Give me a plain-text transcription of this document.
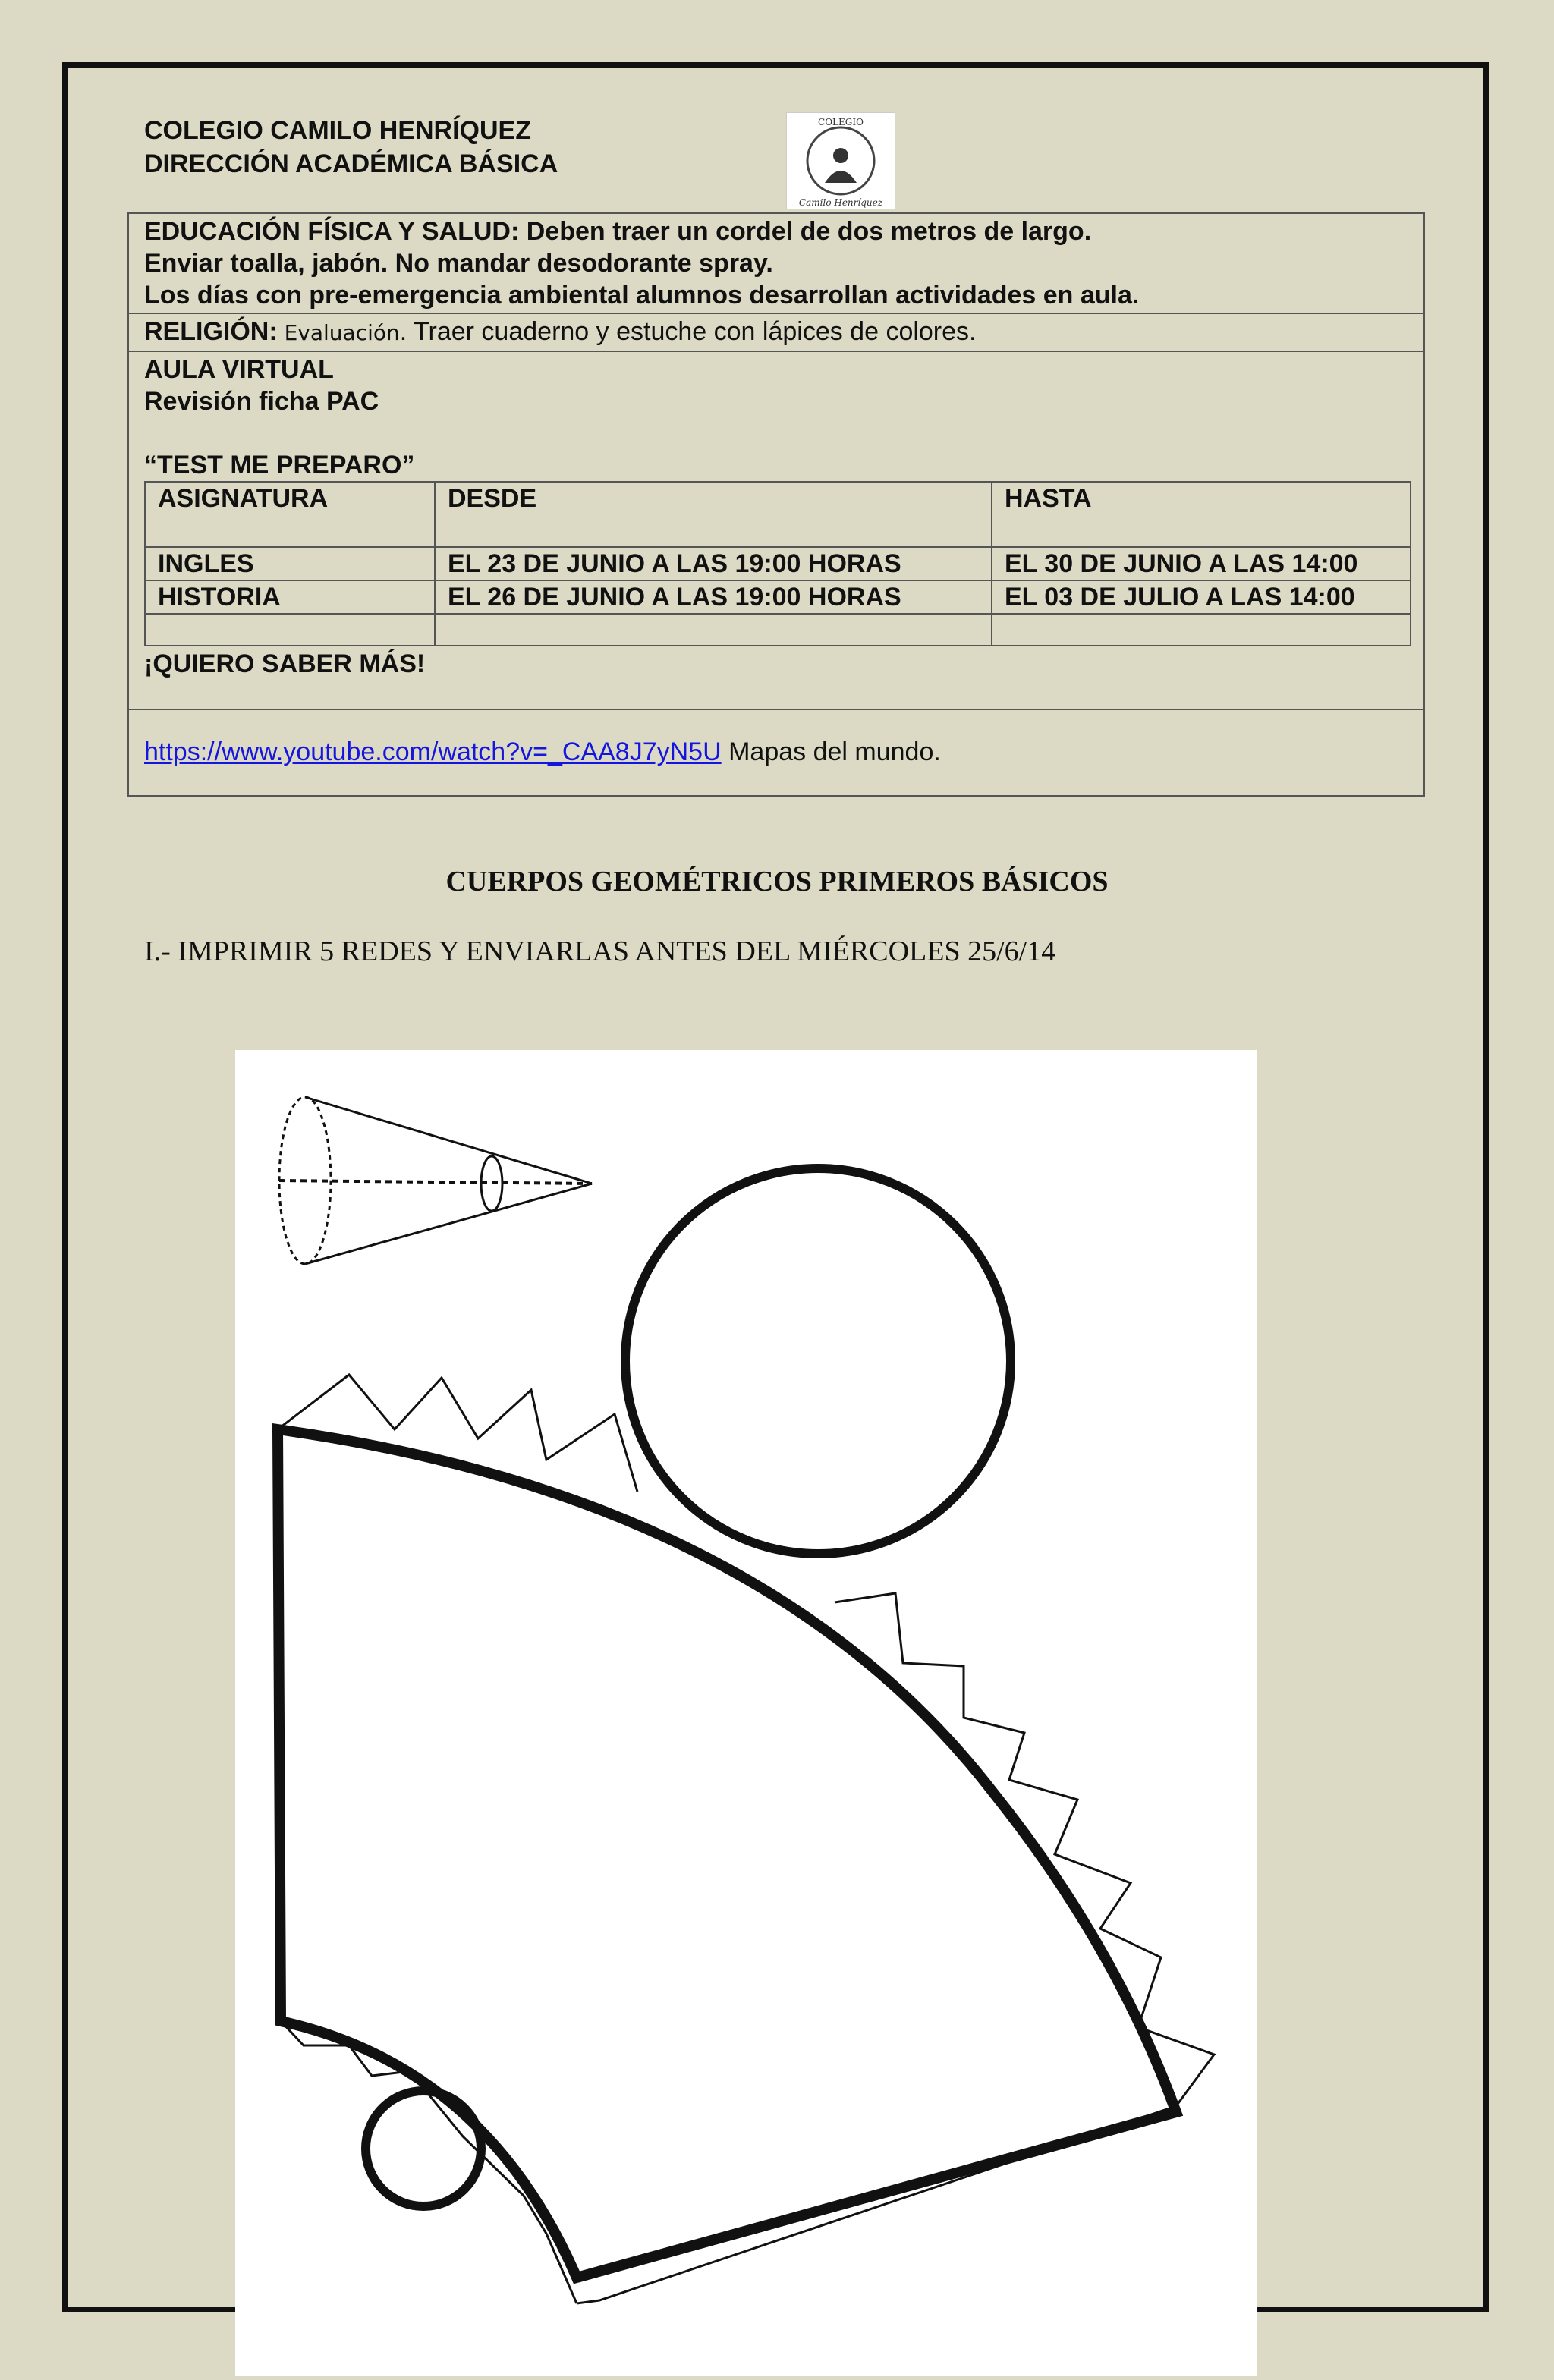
COLEGIO CAMILO HENRÍQUEZ
DIRECCIÓN ACADÉMICA BÁSICA
COLEGIO
Camilo Henríquez
EDUCACIÓN FÍSICA Y SALUD: Deben traer un cordel de dos metros de largo.
Enviar toalla, jabón. No mandar desodorante spray.
Los días con pre-emergencia ambiental alumnos desarrollan actividades en aula.
RELIGIÓN: Evaluación. Traer cuaderno y estuche con lápices de colores.
AULA VIRTUAL
Revisión ficha PAC
“TEST ME PREPARO”
ASIGNATURA	DESDE	HASTA
INGLES	EL 23 DE JUNIO A LAS 19:00 HORAS	EL 30 DE JUNIO A LAS 14:00
HISTORIA	EL 26 DE JUNIO A LAS 19:00 HORAS	EL 03 DE JULIO A LAS 14:00

¡QUIERO SABER MÁS!
https://www.youtube.com/watch?v=_CAA8J7yN5U Mapas del mundo.
CUERPOS GEOMÉTRICOS PRIMEROS BÁSICOS
I.- IMPRIMIR 5 REDES Y ENVIARLAS ANTES DEL MIÉRCOLES 25/6/14
